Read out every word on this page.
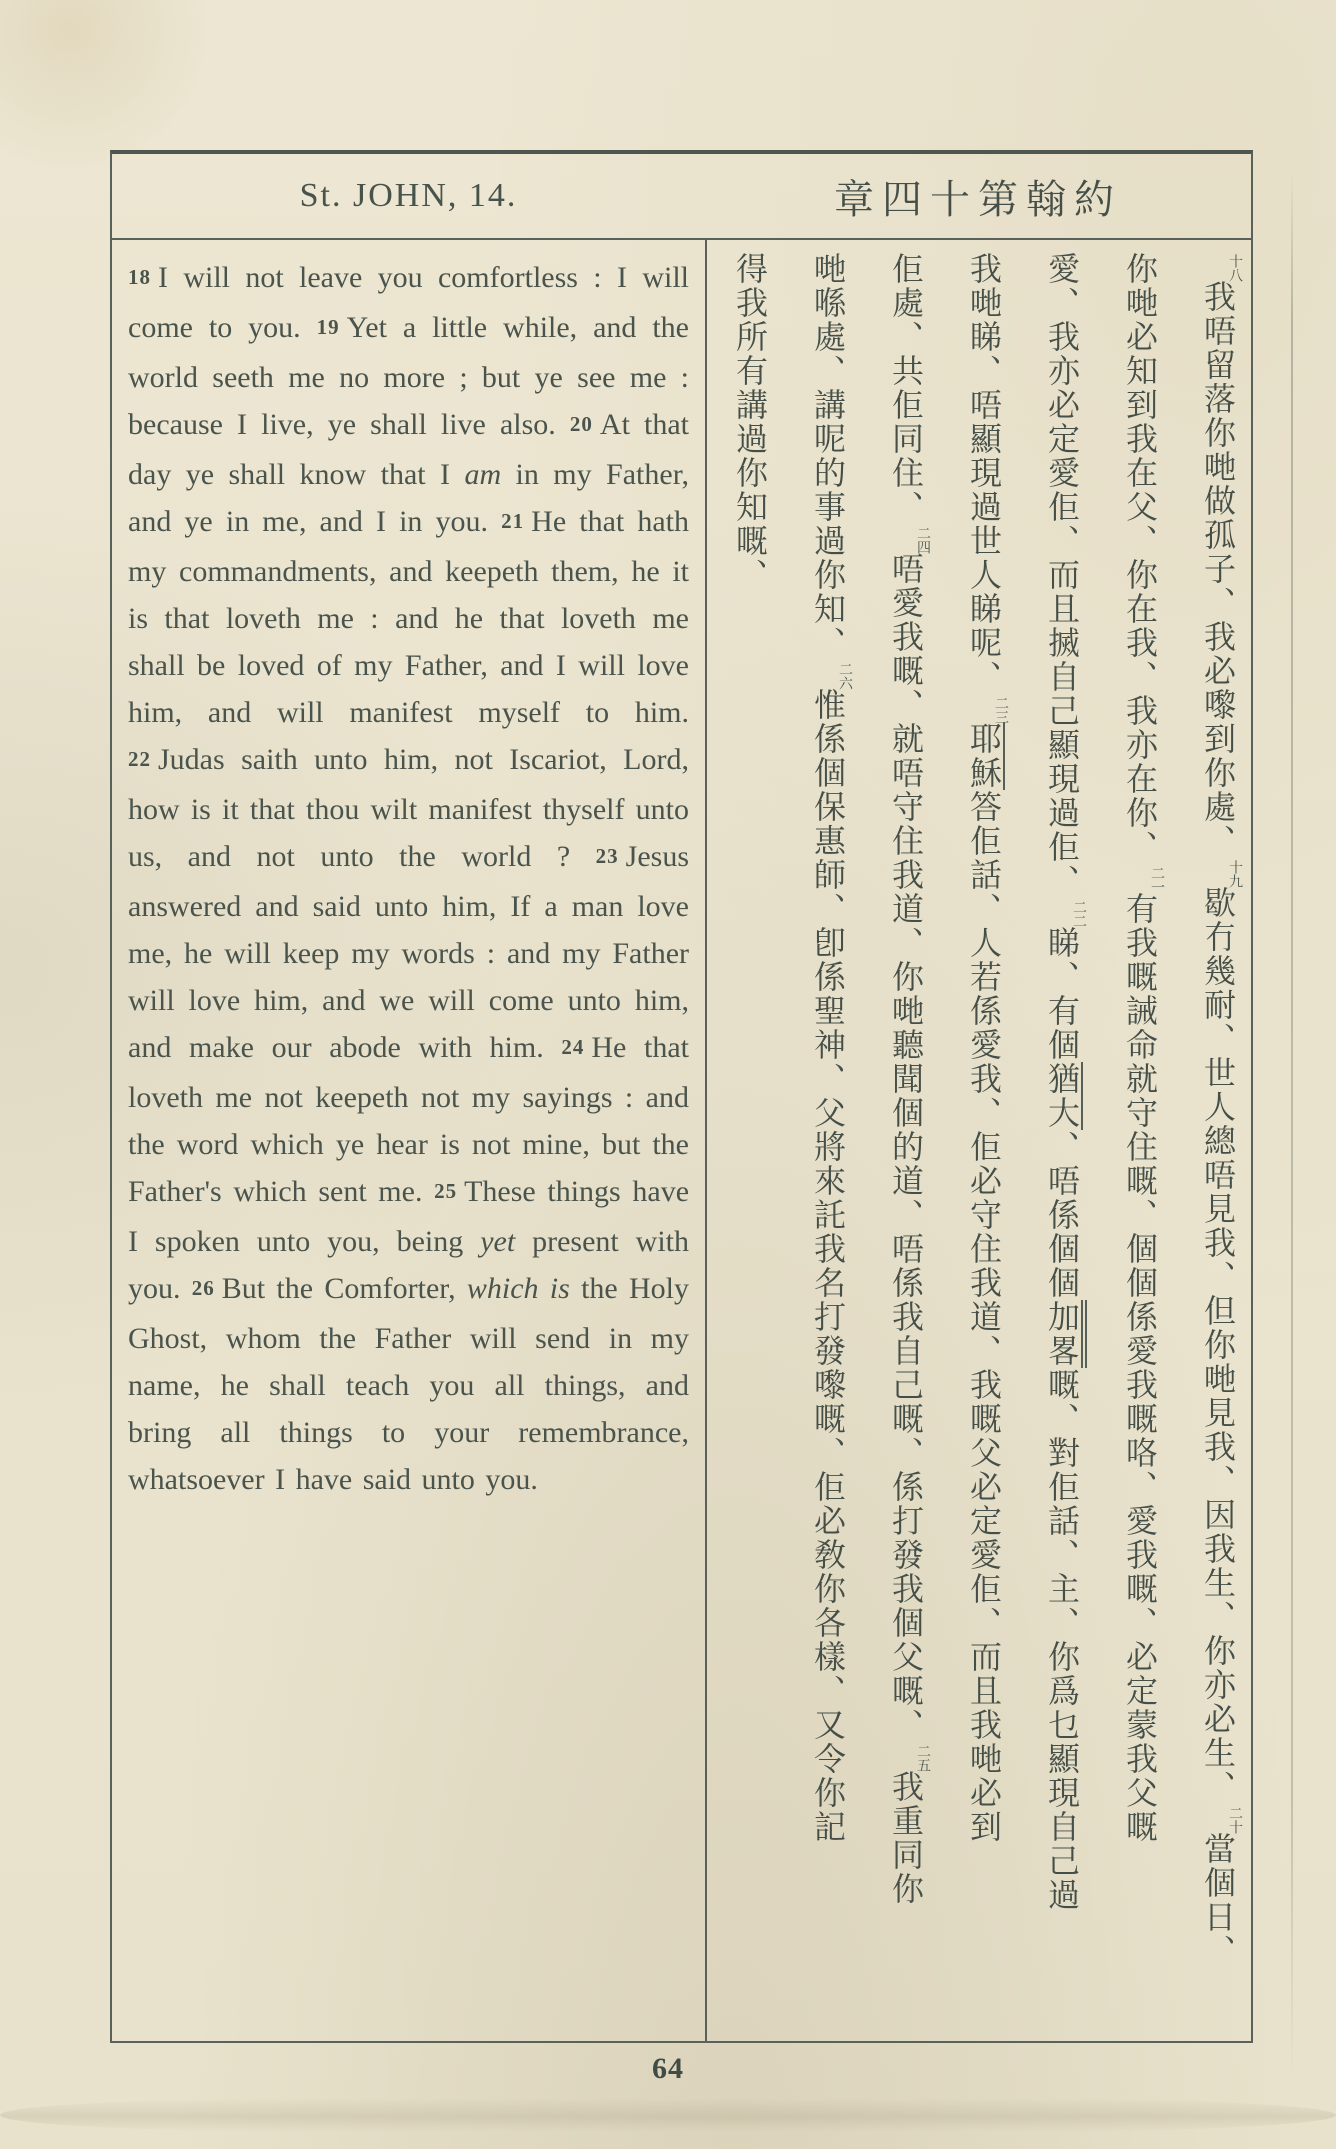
St. JOHN, 14.	章四十第翰約

18 I will not leave you comfortless : I will come to you. 19 Yet a little while, and the world seeth me no more ; but ye see me : because I live, ye shall live also. 20 At that day ye shall know that I am in my Father, and ye in me, and I in you. 21 He that hath my commandments, and keepeth them, he it is that loveth me : and he that loveth me shall be loved of my Father, and I will love him, and will manifest myself to him. 22 Judas saith unto him, not Iscariot, Lord, how is it that thou wilt manifest thyself unto us, and not unto the world ? 23 Jesus answered and said unto him, If a man love me, he will keep my words : and my Father will love him, and we will come unto him, and make our abode with him. 24 He that loveth me not keepeth not my sayings : and the word which ye hear is not mine, but the Father's which sent me. 25 These things have I spoken unto you, being yet present with you. 26 But the Comforter, which is the Holy Ghost, whom the Father will send in my name, he shall teach you all things, and bring all things to your remembrance, whatsoever I have said unto you.

十八我唔留落你哋做孤子、我必嚟到你處、十九歇冇幾耐、世人總唔見我、但你哋見我、因我生、你亦必生、二十當個日、
你哋必知到我在父、你在我、我亦在你、二一有我嘅誡命就守住嘅、個個係愛我嘅咯、愛我嘅、必定蒙我父嘅
愛、我亦必定愛佢、而且搣自己顯現過佢、二二睇、有個猶大、唔係個個加畧嘅、對佢話、主、你爲乜顯現自己過
我哋睇、唔顯現過世人睇呢、二三耶穌答佢話、人若係愛我、佢必守住我道、我嘅父必定愛佢、而且我哋必到
佢處、共佢同住、二四唔愛我嘅、就唔守住我道、你哋聽聞個的道、唔係我自己嘅、係打發我個父嘅、二五我重同你
哋喺處、講呢的事過你知、二六惟係個保惠師、卽係聖神、父將來託我名打發嚟嘅、佢必敎你各樣、又令你記
得我所有講過你知嘅、
64
